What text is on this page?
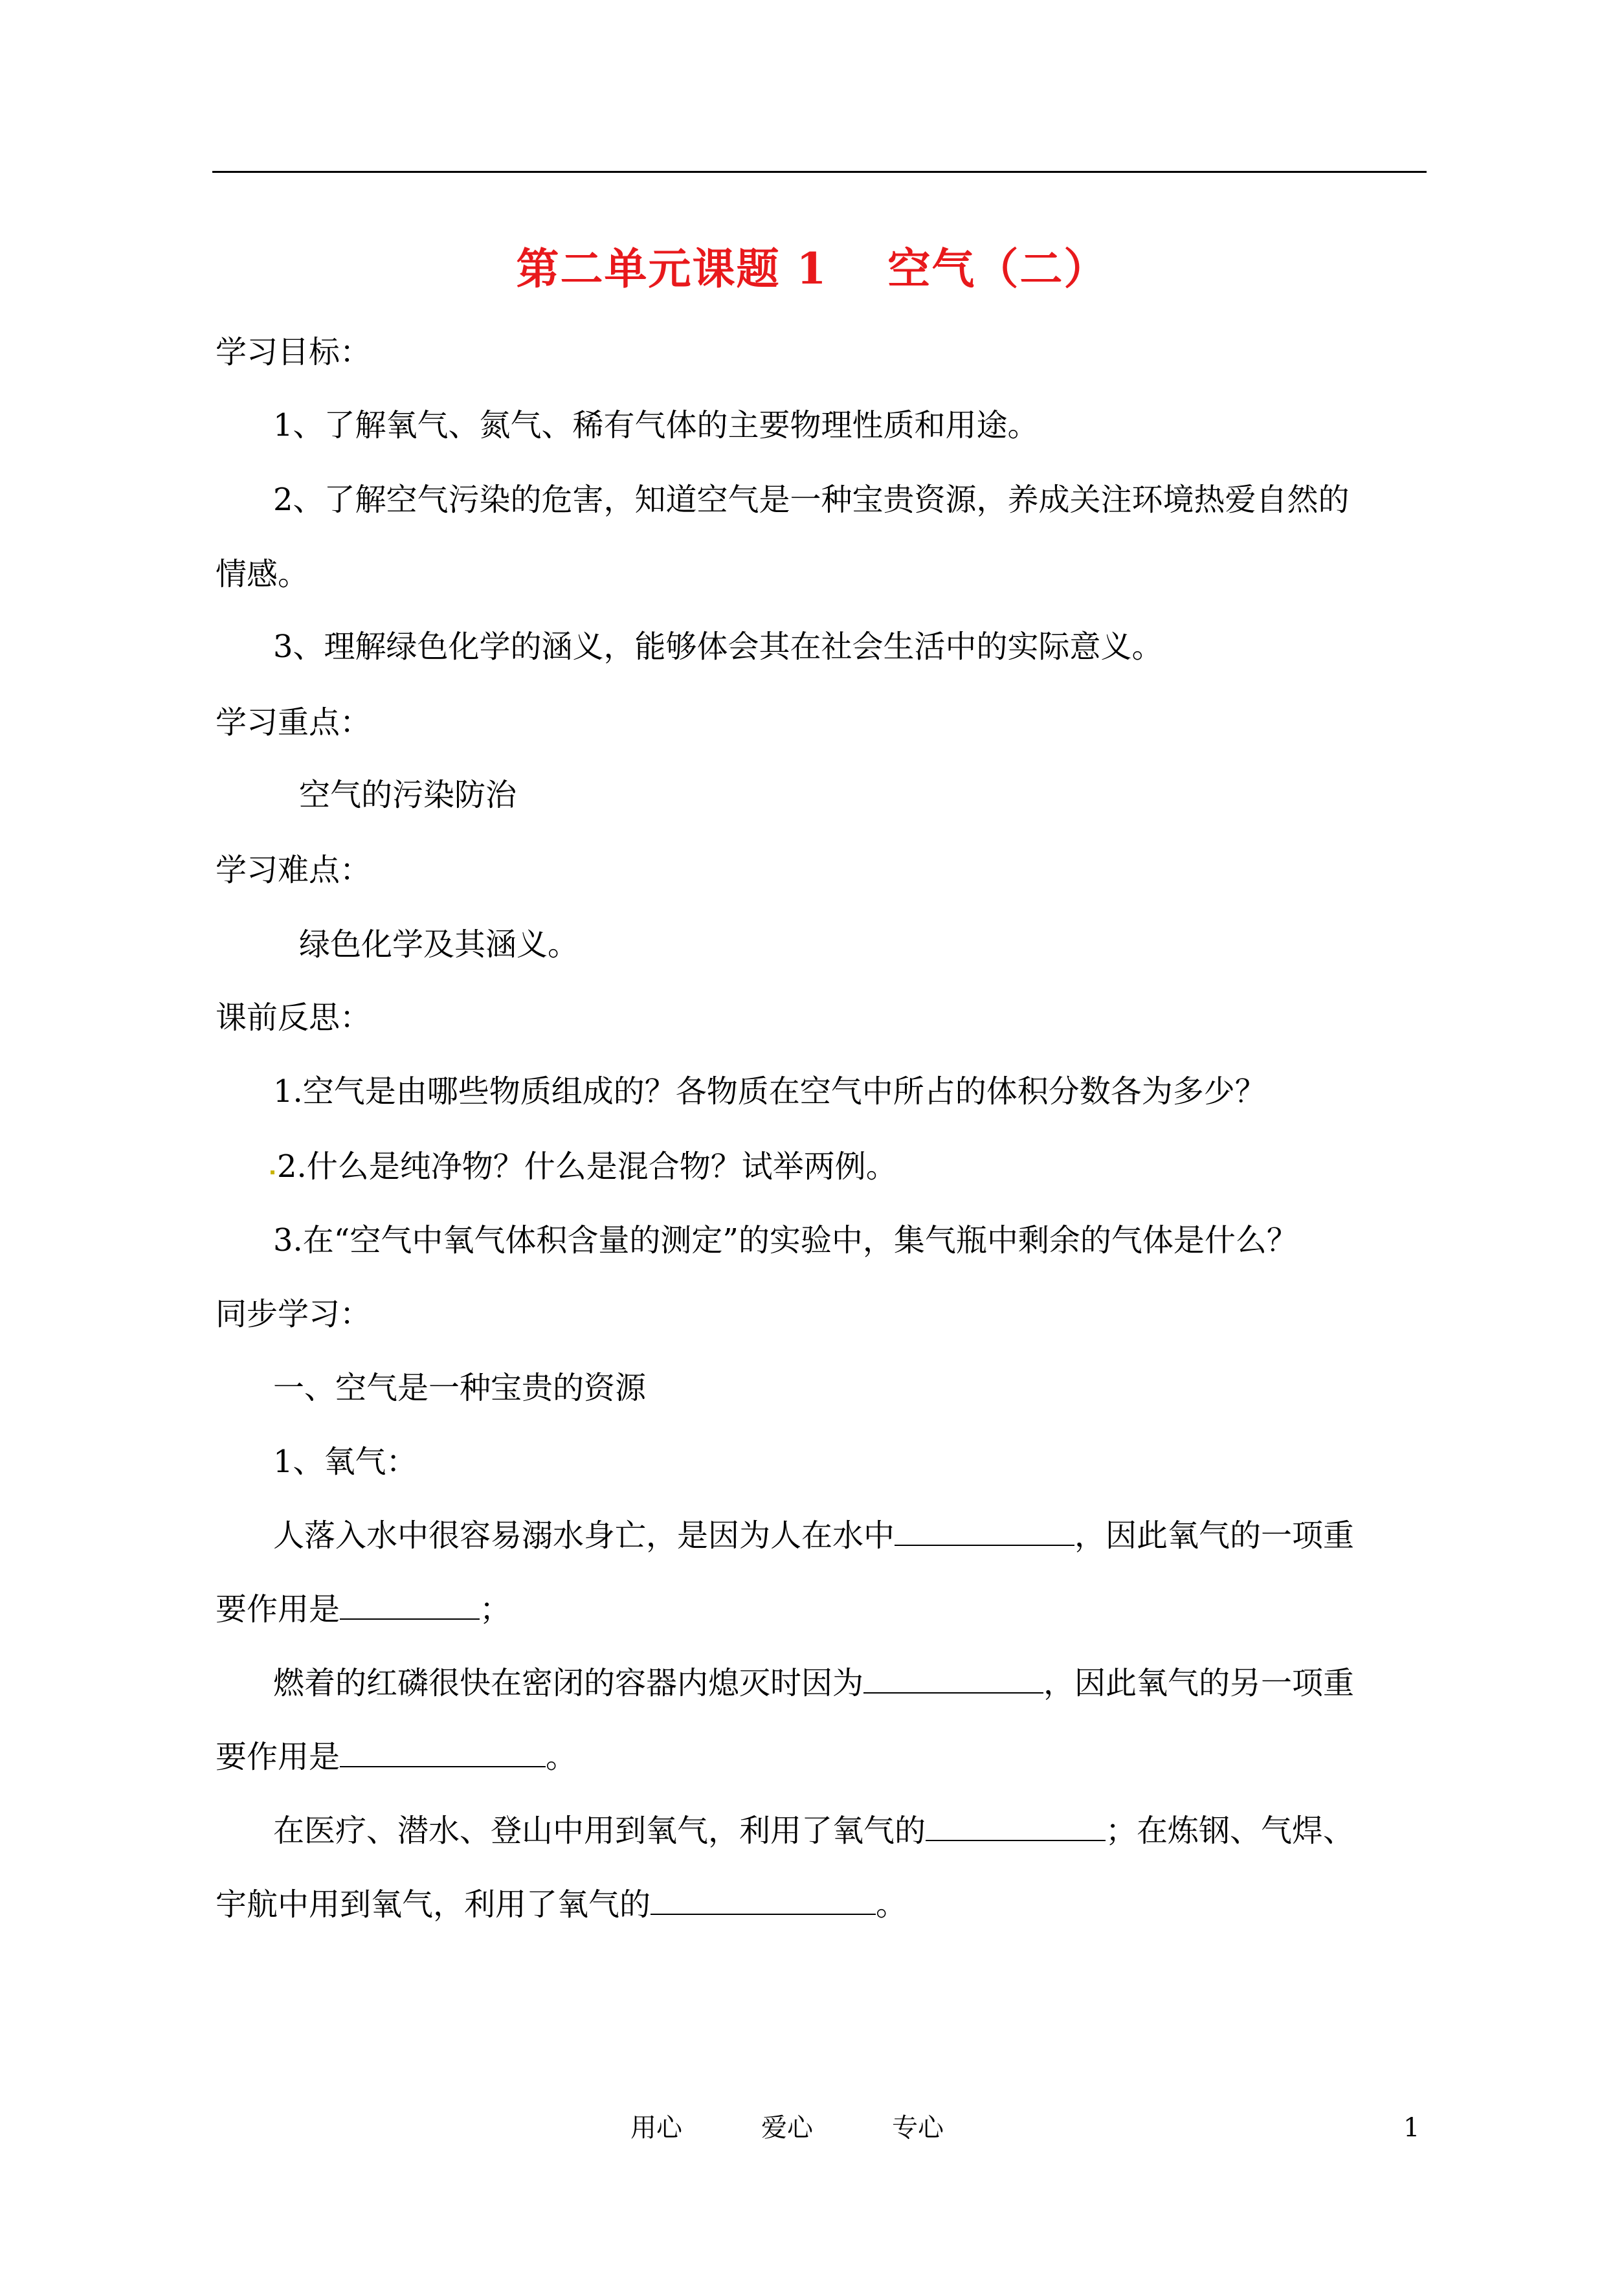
第二单元课题 1 　空气（二）
学习目标：
1、了解氧气、氮气、稀有气体的主要物理性质和用途。
2、了解空气污染的危害，知道空气是一种宝贵资源，养成关注环境热爱自然的
情感。
3、理解绿色化学的涵义，能够体会其在社会生活中的实际意义。
学习重点：
空气的污染防治
学习难点：
绿色化学及其涵义。
课前反思：
1.空气是由哪些物质组成的？各物质在空气中所占的体积分数各为多少？
2.什么是纯净物？什么是混合物？试举两例。
3.在“空气中氧气体积含量的测定”的实验中，集气瓶中剩余的气体是什么？
同步学习：
一、空气是一种宝贵的资源
1、氧气：
人落入水中很容易溺水身亡，是因为人在水中	，因此氧气的一项重
要作用是	；
燃着的红磷很快在密闭的容器内熄灭时因为	，因此氧气的另一项重
要作用是	。
在医疗、潜水、登山中用到氧气，利用了氧气的	；在炼钢、气焊、
宇航中用到氧气，利用了氧气的	。
用心	爱心	专心	1
